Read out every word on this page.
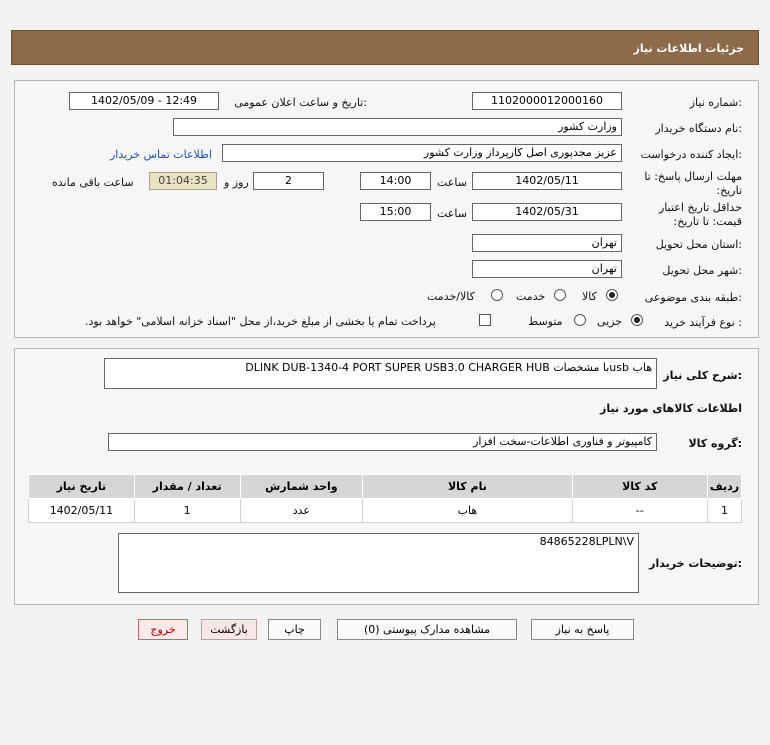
جزئیات اطلاعات نیاز
شماره نیاز:
1102000012000160
تاریخ و ساعت اعلان عمومی:
1402/05/09 - 12:49
نام دستگاه خریدار:
وزارت کشور
ایجاد کننده درخواست:
عزیز مجدپوری اصل کارپرداز وزارت کشور
اطلاعات تماس خریدار
مهلت ارسال پاسخ: تا تاریخ:
1402/05/11
ساعت
14:00
2
روز و
01:04:35
ساعت باقی مانده
حداقل تاریخ اعتبار قیمت: تا تاریخ:
1402/05/31
ساعت
15:00
استان محل تحویل:
تهران
شهر محل تحویل:
تهران
طبقه بندی موضوعی:
کالا
خدمت
کالا/خدمت
نوع فرآیند خرید :
جزیی
متوسط
پرداخت تمام یا بخشی از مبلغ خرید،از محل "اسناد خزانه اسلامی" خواهد بود.
شرح کلی نیاز:
هاب usbبا مشخصات DLINK DUB-1340-4 PORT SUPER USB3.0 CHARGER HUB
اطلاعات کالاهای مورد نیاز
گروه کالا:
کامپیوتر و فناوری اطلاعات-سخت افزار
ردیف	کد کالا	نام کالا	واحد شمارش	تعداد / مقدار	تاریخ نیاز
1	--	هاب	عدد	1	1402/05/11
توضیحات خریدار:
84865228LPLN\V
پاسخ به نیاز
مشاهده مدارک پیوستی (0)
چاپ
بازگشت
خروج
